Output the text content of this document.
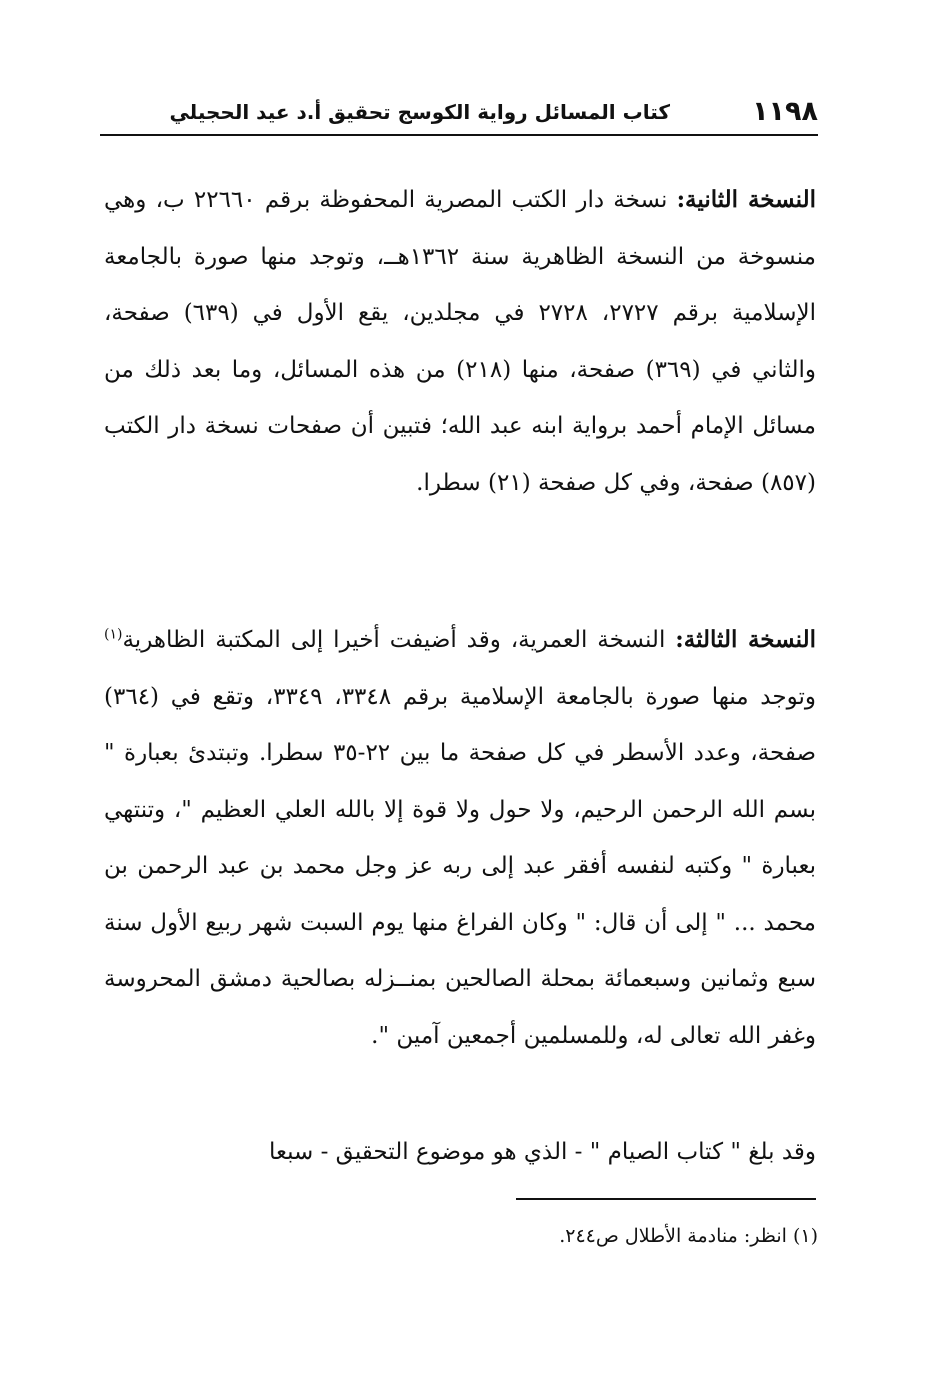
١١٩٨
كتاب المسائل رواية الكوسج تحقيق أ.د عيد الحجيلي
النسخة الثانية: نسخة دار الكتب المصرية المحفوظة برقم ٢٢٦٦٠ ب، وهي منسوخة من النسخة الظاهرية سنة ١٣٦٢هــ، وتوجد منها صورة بالجامعة الإسلامية برقم ٢٧٢٧، ٢٧٢٨ في مجلدين، يقع الأول في (٦٣٩) صفحة، والثاني في (٣٦٩) صفحة، منها (٢١٨) من هذه المسائل، وما بعد ذلك من مسائل الإمام أحمد برواية ابنه عبد الله؛ فتبين أن صفحات نسخة دار الكتب (٨٥٧) صفحة، وفي كل صفحة (٢١) سطرا.
النسخة الثالثة: النسخة العمرية، وقد أضيفت أخيرا إلى المكتبة الظاهرية$^{(١)}$ وتوجد منها صورة بالجامعة الإسلامية برقم ٣٣٤٨، ٣٣٤٩، وتقع في (٣٦٤) صفحة، وعدد الأسطر في كل صفحة ما بين ٢٢-٣٥ سطرا. وتبتدئ بعبارة " بسم الله الرحمن الرحيم، ولا حول ولا قوة إلا بالله العلي العظيم "، وتنتهي بعبارة " وكتبه لنفسه أفقر عبد إلى ربه عز وجل محمد بن عبد الرحمن بن محمد ... " إلى أن قال: " وكان الفراغ منها يوم السبت شهر ربيع الأول سنة سبع وثمانين وسبعمائة بمحلة الصالحين بمنــزله بصالحية دمشق المحروسة وغفر الله تعالى له، وللمسلمين أجمعين آمين ".
وقد بلغ " كتاب الصيام " - الذي هو موضوع التحقيق - سبعا
(١) انظر: منادمة الأطلال ص٢٤٤.
